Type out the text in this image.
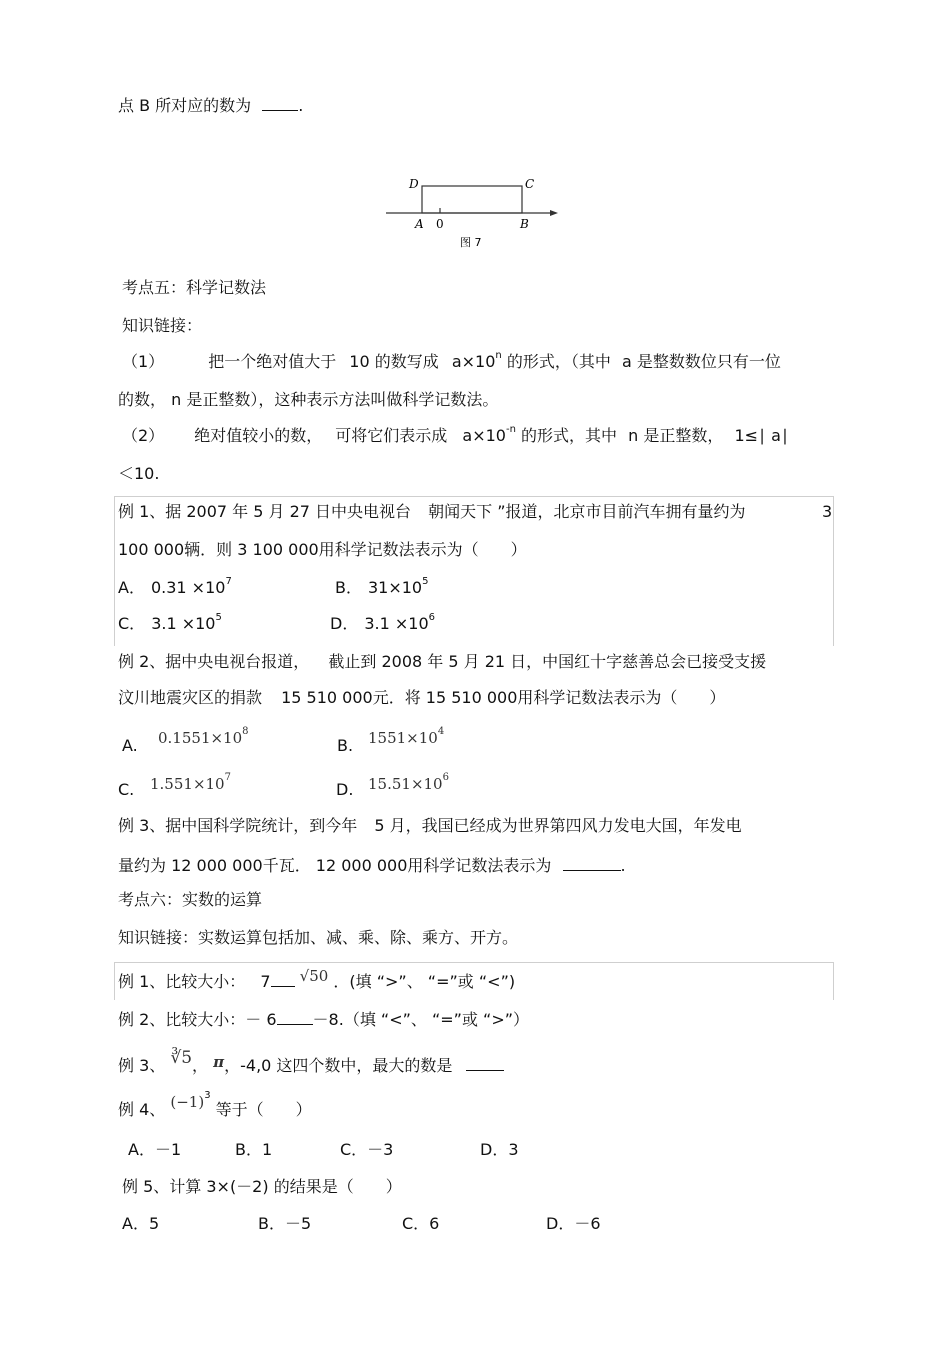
点 B 所对应的数为	.
D	C
A 0	B
图 7
考点五：科学记数法
知识链接：
（1）	把一个绝对值大于 10 的数写成 $a\times 10^n$ 的形式，（其中 a 是整数数位只有一位
的数， n 是正整数），这种表示方法叫做科学记数法。
（2） 绝对值较小的数， 可将它们表示成 $a\times 10^{-n}$ 的形式，其中 n 是正整数， 1≤∣ a∣
＜10.
例 1、据 2007 年 5 月 27 日中央电视台 朝闻天下 ”报道，北京市目前汽车拥有量约为	3
100 000辆．则 3 100 000用科学记数法表示为（　　）
A． $0.31 \times 10^7$	B． $31\times 10^5$
C． $3.1 \times 10^5$	D． $3.1 \times 10^6$
例 2、据中央电视台报道， 截止到 2008 年 5 月 21 日，中国红十字慈善总会已接受支援
汶川地震灾区的捐款 15 510 000元．将 15 510 000用科学记数法表示为（　　）
A. $0.1551\times 10^8$
B. $1551\times 10^4$
C. $1.551\times 10^7$
D. $15.51\times 10^6$
例 3、据中国科学院统计，到今年 5 月，我国已经成为世界第四风力发电大国，年发电
量约为 12 000 000千瓦． 12 000 000用科学记数法表示为	.
考点六：实数的运算
知识链接：实数运算包括加、减、乘、除、乘方、开方。
例 1、比较大小： 7 √50 ．(填 “>”、 “=”或 “<”)
例 2、比较大小：－ 6 －8.（填 “<”、 “=”或 “>”）
例 3、 ∛5， π，-4,0 这四个数中，最大的数是
例 4、 $(-1)^3$ 等于（　　）
A．－1	B．1	C．－3	D．3
例 5、计算 3×(－2) 的结果是（　　）
A．5	B．－5	C．6	D．－6
